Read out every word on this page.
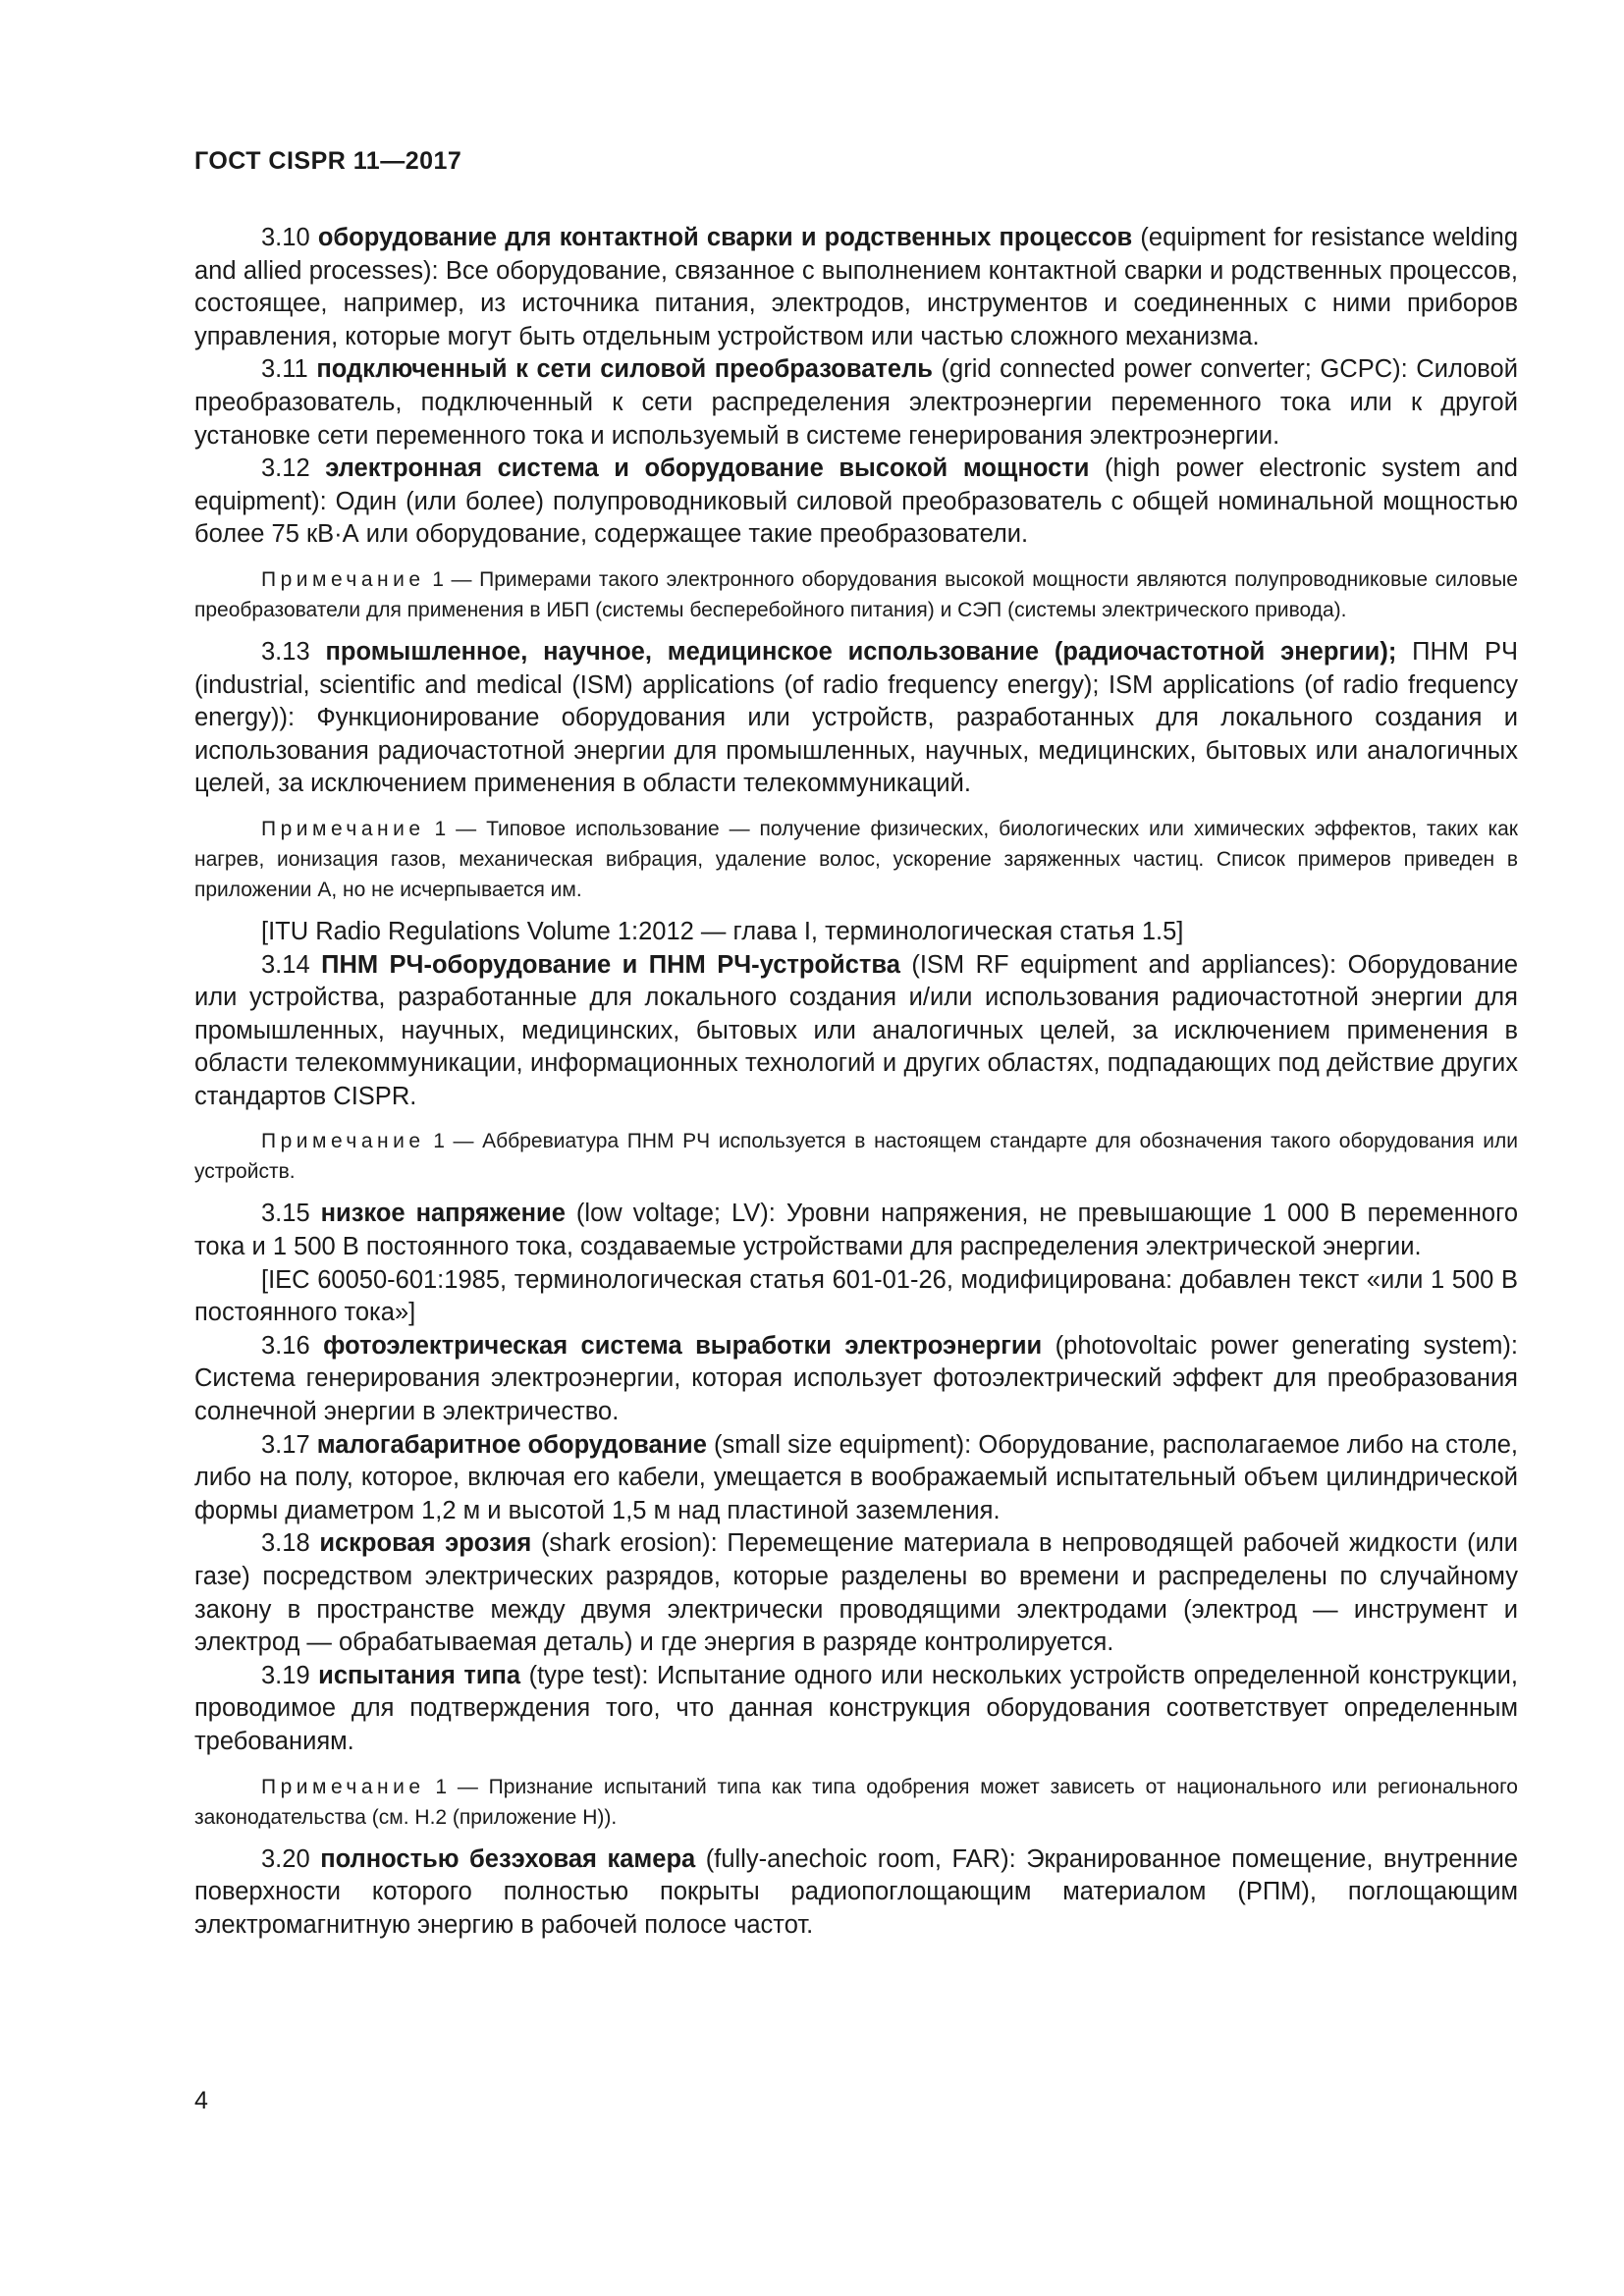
ГОСТ CISPR 11—2017

3.10 оборудование для контактной сварки и родственных процессов (equipment for resistance welding and allied processes): Все оборудование, связанное с выполнением контактной сварки и родственных процессов, состоящее, например, из источника питания, электродов, инструментов и соединенных с ними приборов управления, которые могут быть отдельным устройством или частью сложного механизма.

3.11 подключенный к сети силовой преобразователь (grid connected power converter; GCPC): Силовой преобразователь, подключенный к сети распределения электроэнергии переменного тока или к другой установке сети переменного тока и используемый в системе генерирования электроэнергии.

3.12 электронная система и оборудование высокой мощности (high power electronic system and equipment): Один (или более) полупроводниковый силовой преобразователь с общей номинальной мощностью более 75 кВ·А или оборудование, содержащее такие преобразователи.

Примечание 1 — Примерами такого электронного оборудования высокой мощности являются полупроводниковые силовые преобразователи для применения в ИБП (системы бесперебойного питания) и СЭП (системы электрического привода).

3.13 промышленное, научное, медицинское использование (радиочастотной энергии); ПНМ РЧ (industrial, scientific and medical (ISM) applications (of radio frequency energy); ISM applications (of radio frequency energy)): Функционирование оборудования или устройств, разработанных для локального создания и использования радиочастотной энергии для промышленных, научных, медицинских, бытовых или аналогичных целей, за исключением применения в области телекоммуникаций.

Примечание 1 — Типовое использование — получение физических, биологических или химических эффектов, таких как нагрев, ионизация газов, механическая вибрация, удаление волос, ускорение заряженных частиц. Список примеров приведен в приложении А, но не исчерпывается им.

[ITU Radio Regulations Volume 1:2012 — глава I, терминологическая статья 1.5]

3.14 ПНМ РЧ-оборудование и ПНМ РЧ-устройства (ISM RF equipment and appliances): Оборудование или устройства, разработанные для локального создания и/или использования радиочастотной энергии для промышленных, научных, медицинских, бытовых или аналогичных целей, за исключением применения в области телекоммуникации, информационных технологий и других областях, подпадающих под действие других стандартов CISPR.

Примечание 1 — Аббревиатура ПНМ РЧ используется в настоящем стандарте для обозначения такого оборудования или устройств.

3.15 низкое напряжение (low voltage; LV): Уровни напряжения, не превышающие 1 000 В переменного тока и 1 500 В постоянного тока, создаваемые устройствами для распределения электрической энергии.

[IEC 60050-601:1985, терминологическая статья 601-01-26, модифицирована: добавлен текст «или 1 500 В постоянного тока»]

3.16 фотоэлектрическая система выработки электроэнергии (photovoltaic power generating system): Система генерирования электроэнергии, которая использует фотоэлектрический эффект для преобразования солнечной энергии в электричество.

3.17 малогабаритное оборудование (small size equipment): Оборудование, располагаемое либо на столе, либо на полу, которое, включая его кабели, умещается в воображаемый испытательный объем цилиндрической формы диаметром 1,2 м и высотой 1,5 м над пластиной заземления.

3.18 искровая эрозия (shark erosion): Перемещение материала в непроводящей рабочей жидкости (или газе) посредством электрических разрядов, которые разделены во времени и распределены по случайному закону в пространстве между двумя электрически проводящими электродами (электрод — инструмент и электрод — обрабатываемая деталь) и где энергия в разряде контролируется.

3.19 испытания типа (type test): Испытание одного или нескольких устройств определенной конструкции, проводимое для подтверждения того, что данная конструкция оборудования соответствует определенным требованиям.

Примечание 1 — Признание испытаний типа как типа одобрения может зависеть от национального или регионального законодательства (см. Н.2 (приложение Н)).

3.20 полностью безэховая камера (fully-anechoic room, FAR): Экранированное помещение, внутренние поверхности которого полностью покрыты радиопоглощающим материалом (РПМ), поглощающим электромагнитную энергию в рабочей полосе частот.

4
